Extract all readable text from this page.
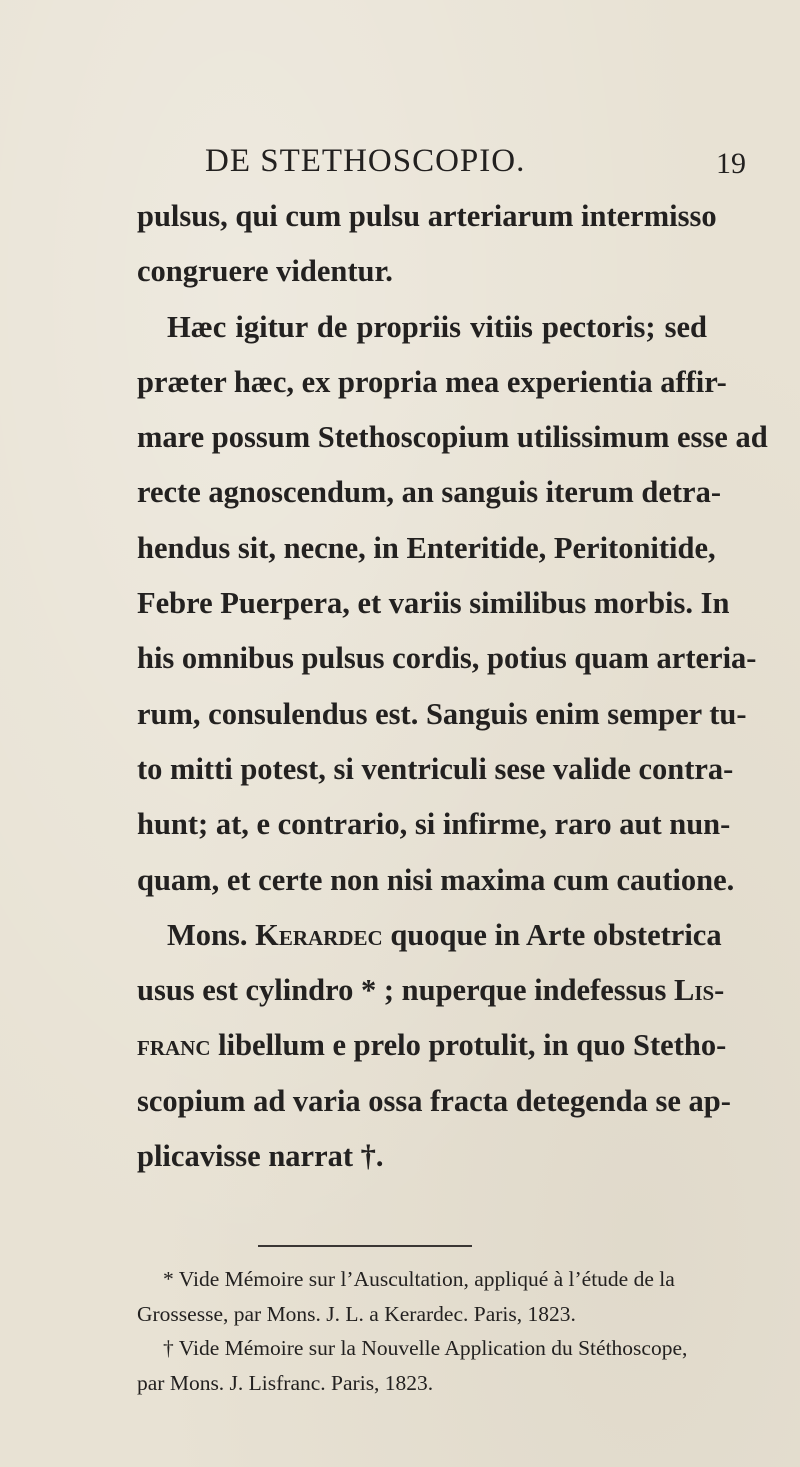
DE STETHOSCOPIO.	19
pulsus, qui cum pulsu arteriarum intermisso
congruere videntur.
Hæc igitur de propriis vitiis pectoris; sed
præter hæc, ex propria mea experientia affir-
mare possum Stethoscopium utilissimum esse ad
recte agnoscendum, an sanguis iterum detra-
hendus sit, necne, in Enteritide, Peritonitide,
Febre Puerpera, et variis similibus morbis. In
his omnibus pulsus cordis, potius quam arteria-
rum, consulendus est. Sanguis enim semper tu-
to mitti potest, si ventriculi sese valide contra-
hunt; at, e contrario, si infirme, raro aut nun-
quam, et certe non nisi maxima cum cautione.
Mons. Kerardec quoque in Arte obstetrica
usus est cylindro * ; nuperque indefessus Lis-
franc libellum e prelo protulit, in quo Stetho-
scopium ad varia ossa fracta detegenda se ap-
plicavisse narrat †.
* Vide Mémoire sur l’Auscultation, appliqué à l’étude de la
Grossesse, par Mons. J. L. a Kerardec. Paris, 1823.
† Vide Mémoire sur la Nouvelle Application du Stéthoscope,
par Mons. J. Lisfranc. Paris, 1823.
